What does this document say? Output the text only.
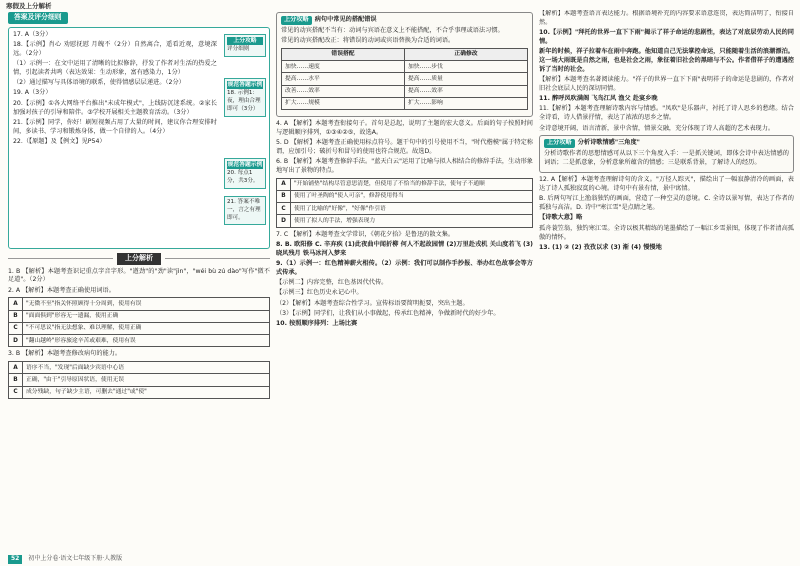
寒假及上分解析
答案及评分细则
上分攻略
评分细则
规范答题示例
18. 示例1：夜，理由合理即可（3分）
规范答题示例
20. 每点1分，共3分。
21. 答案不唯一，言之有理即可。

17. A（3分）

18.【示例】肖心 劝慰抚慰 月魄不（2分）自然离合，遥看近观，意境深远。（2分）

（1）示例一：在文中运用了清晰的比拟修辞，抒发了作者对生活的热爱之情，引起读者共鸣（表达效果：生动形象，富有感染力，1分）

（2）通过描写与具体语境的联系，使得情感层层递进。（2分）

19. A（3分）

20.【示例】①各大网络平台推出"未成年模式"，上线防沉迷系统。②家长加强对孩子的引导和陪伴。③学校开展相关主题教育活动。（3分）

21.【示例】同学，你好！刷短视频占用了大量的时间，建议你合理安排时间，多读书、学习和锻炼身体，做一个自律的人。（4分）

22.（【原题】及【例文】见P54）

上分解析

1. B 【解析】本题考查识记重点字音字形。"遒劲"的"劲"读"jìn"，"wéi bù zú dào"写作"微不足道"。（2分）

2. A 【解析】本题考查正确使用词语。

A	"无微不至"指关怀照顾得十分周到，使用有误
B	"面面俱到"形容无一遗漏，使用正确
C	"不可思议"指无法想象、难以理解，使用正确
D	"翻山越岭"形容旅途辛苦或艰难，使用有误

3. B 【解析】本题考查修改病句的能力。

A	语序不当，"发现"后面缺少宾语中心语
B	正确，"由于"引导原因状语，使用无误
C	成分残缺，句子缺少主语，可删去"通过"或"使"
上分攻略 病句中常见的搭配错误

常见的动宾搭配不当有：动词与宾语在意义上不能搭配，不合乎事理或语法习惯。

常见的动宾搭配改正：将错误的动词或宾语替换为合适的词语。

错误搭配	正确修改
加快……速度	加快……步伐
提高……水平	提高……质量
改善……效率	提高……效率
扩大……规模	扩大……影响

4. A 【解析】本题考查衔接句子。首句是总起，说明了主题的宏大意义。后面的句子按照时间与逻辑顺序排列，①③④②⑤，故选A。

5. D 【解析】本题考查正确使用标点符号。题干句中的引号使用不当，"时代楷模"属于特定称谓，应加引号；破折号和冒号的使用也符合规范。故选D。

6. B 【解析】本题考查修辞手法。"蓝天白云"运用了比喻与拟人相结合的修辞手法，生动形象地写出了景物的特点。

A	"开始铺垫"结构尽管意思清楚，但使用了不恰当的修辞手法，使句子不通顺
B	使用了叶圣陶的"使人可亲"，修辞使用得当
C	使用了比喻的"好像"，"好像"作引语
D	使用了拟人的手法，增强表现力

7. C 【解析】本题考查文学常识，《朝花夕拾》是鲁迅的散文集。

8. B. 欧阳修 C. 辛弃疾 (1)此夜曲中闻折柳 何人不起故园情 (2)万里赴戎机 关山度若飞 (3)晓风残月 铁马冰河入梦来

9.（1）示例一：红色精神薪火相传。（2）示例：我们可以制作手抄报、举办红色故事会等方式传承。

【示例二】内容完整，红色基因代代传。

【示例三】红色历史永记心中。

（2）【解析】本题考查综合性学习。宣传标语要简明扼要，突出主题。

（3）【示例】同学们，让我们从小事做起，传承红色精神，争做新时代的好少年。

10. 按照顺序排列：上场比赛

【解析】本题考查语言表达能力。根据语境补充的内容要求语意连贯，表达简洁明了，衔接自然。

10.【示例】"拜托的世界一直下下雨"揭示了祥子命运的悲剧性，表达了对底层劳动人民的同情。

新年的时候，祥子拉着车在雨中奔跑。他知道自己无法掌控命运，只能随着生活的浪潮漂泊。这一场大雨既是自然之雨，也是社会之雨，象征着旧社会的黑暗与不公。作者借祥子的遭遇控诉了当时的社会。

【解析】本题考查名著阅读能力。"祥子的世界一直下下雨"表明祥子的命运是悲剧的，作者对旧社会底层人民的深切同情。

11. 醉呼凤吹满阁 飞鸟江风 渔父 赴宴乡晚

11.【解析】本题考查理解诗歌内容与情感。"凤吹"是乐器声，衬托了诗人思乡的愁绪。结合全诗看，诗人借景抒情，表达了浓浓的思乡之情。

全诗意境开阔，语言清新，景中含情，情景交融，充分体现了诗人高超的艺术表现力。

上分攻略 分析诗歌情感"三角度"

分析诗歌作者的思想情感可从以下三个角度入手：一是抓关键词，即体会诗中表达情感的词语；二是抓意象，分析意象所蕴含的情感；三是联系背景，了解诗人的经历。

12. A【解析】本题考查理解诗句的含义。"万径人踪灭"，描绘出了一幅寂静清冷的画面，表达了诗人孤独寂寞的心境。诗句中有景有情，景中寓情。

B. 后两句写江上渔翁独钓的画面，营造了一种空灵的意境。C. 全诗以景写情，表达了作者的孤独与高洁。D. 诗中"寒江雪"是点睛之笔。

【诗歌大意】略

孤舟蓑笠翁，独钓寒江雪。全诗以极其精练的笔墨描绘了一幅江乡雪景图，体现了作者清高孤傲的情怀。

13. (1) ② (2) 孜孜以求 (3) 渐 (4) 慢慢地

52	初中上分卷·语文七年级下册·人教版
